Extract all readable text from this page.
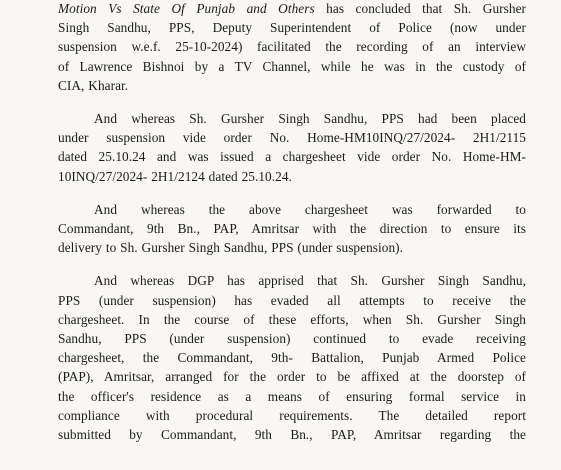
Motion Vs State Of Punjab and Others has concluded that Sh. Gursher
Singh Sandhu, PPS, Deputy Superintendent of Police (now under
suspension w.e.f. 25-10-2024) facilitated the recording of an interview
of Lawrence Bishnoi by a TV Channel, while he was in the custody of
CIA, Kharar.

And whereas Sh. Gursher Singh Sandhu, PPS had been placed
under suspension vide order No. Home-HM10INQ/27/2024- 2H1/2115
dated 25.10.24 and was issued a chargesheet vide order No. Home-HM-
10INQ/27/2024- 2H1/2124 dated 25.10.24.

And whereas the above chargesheet was forwarded to
Commandant, 9th Bn., PAP, Amritsar with the direction to ensure its
delivery to Sh. Gursher Singh Sandhu, PPS (under suspension).

And whereas DGP has apprised that Sh. Gursher Singh Sandhu,
PPS (under suspension) has evaded all attempts to receive the
chargesheet. In the course of these efforts, when Sh. Gursher Singh
Sandhu, PPS (under suspension) continued to evade receiving
chargesheet, the Commandant, 9th- Battalion, Punjab Armed Police
(PAP), Amritsar, arranged for the order to be affixed at the doorstep of
the officer's residence as a means of ensuring formal service in
compliance with procedural requirements. The detailed report
submitted by Commandant, 9th Bn., PAP, Amritsar regarding the
